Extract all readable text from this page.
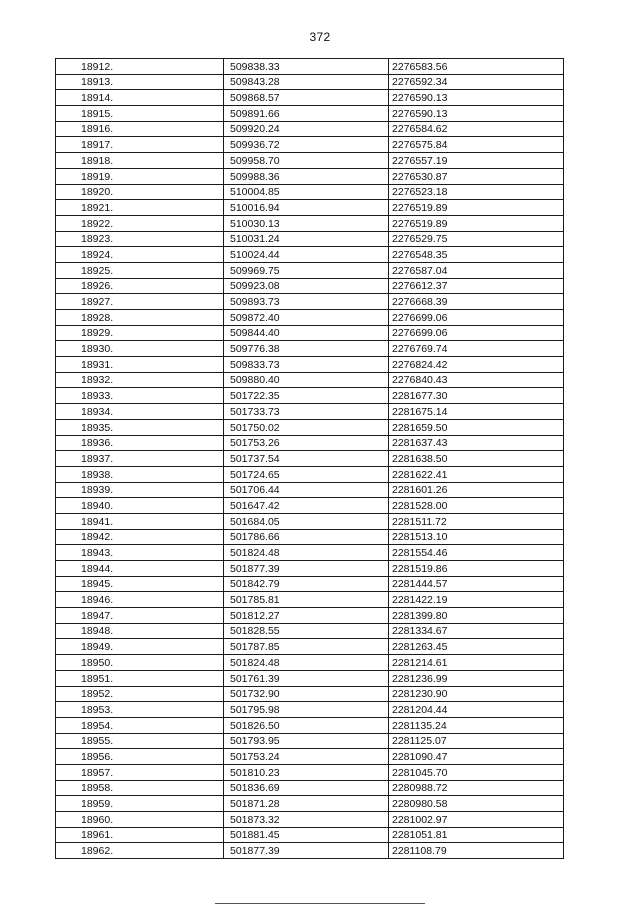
372
18912.	509838.33	2276583.56
18913.	509843.28	2276592.34
18914.	509868.57	2276590.13
18915.	509891.66	2276590.13
18916.	509920.24	2276584.62
18917.	509936.72	2276575.84
18918.	509958.70	2276557.19
18919.	509988.36	2276530.87
18920.	510004.85	2276523.18
18921.	510016.94	2276519.89
18922.	510030.13	2276519.89
18923.	510031.24	2276529.75
18924.	510024.44	2276548.35
18925.	509969.75	2276587.04
18926.	509923.08	2276612.37
18927.	509893.73	2276668.39
18928.	509872.40	2276699.06
18929.	509844.40	2276699.06
18930.	509776.38	2276769.74
18931.	509833.73	2276824.42
18932.	509880.40	2276840.43
18933.	501722.35	2281677.30
18934.	501733.73	2281675.14
18935.	501750.02	2281659.50
18936.	501753.26	2281637.43
18937.	501737.54	2281638.50
18938.	501724.65	2281622.41
18939.	501706.44	2281601.26
18940.	501647.42	2281528.00
18941.	501684.05	2281511.72
18942.	501786.66	2281513.10
18943.	501824.48	2281554.46
18944.	501877.39	2281519.86
18945.	501842.79	2281444.57
18946.	501785.81	2281422.19
18947.	501812.27	2281399.80
18948.	501828.55	2281334.67
18949.	501787.85	2281263.45
18950.	501824.48	2281214.61
18951.	501761.39	2281236.99
18952.	501732.90	2281230.90
18953.	501795.98	2281204.44
18954.	501826.50	2281135.24
18955.	501793.95	2281125.07
18956.	501753.24	2281090.47
18957.	501810.23	2281045.70
18958.	501836.69	2280988.72
18959.	501871.28	2280980.58
18960.	501873.32	2281002.97
18961.	501881.45	2281051.81
18962.	501877.39	2281108.79
